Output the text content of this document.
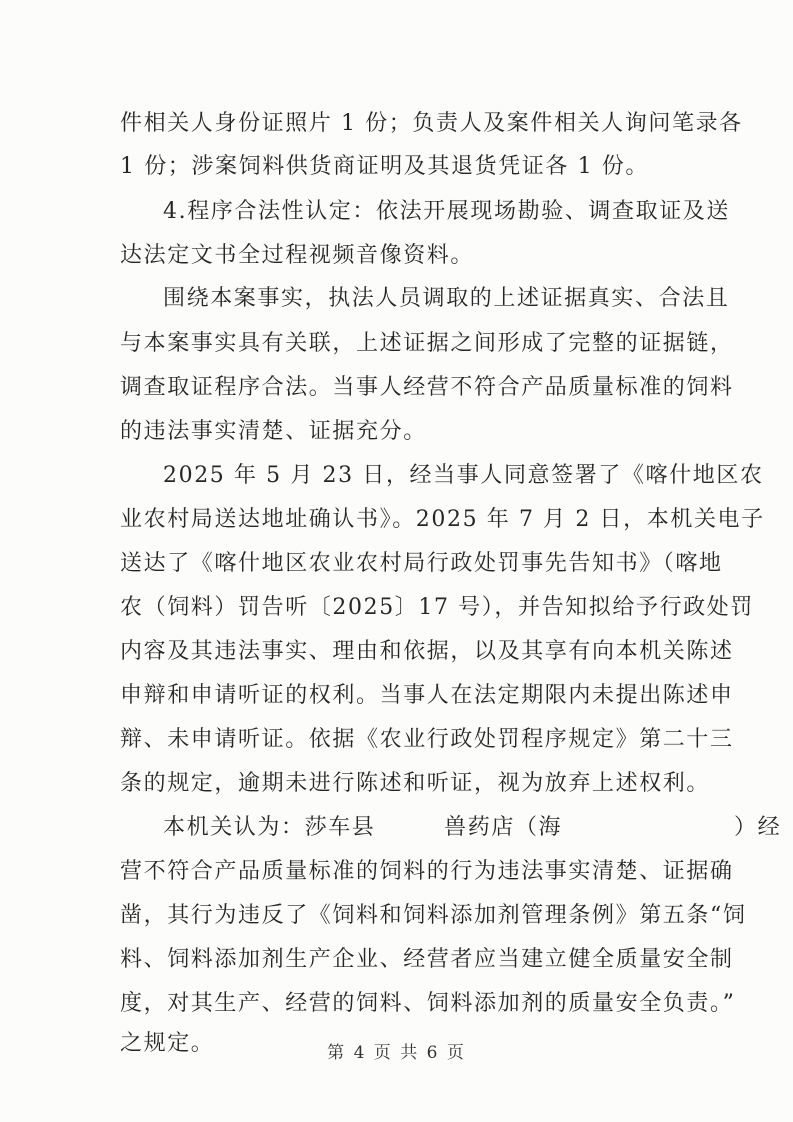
件相关人身份证照片 1 份；负责人及案件相关人询问笔录各
1 份；涉案饲料供货商证明及其退货凭证各 1 份。
4.程序合法性认定：依法开展现场勘验、调查取证及送
达法定文书全过程视频音像资料。
围绕本案事实，执法人员调取的上述证据真实、合法且
与本案事实具有关联，上述证据之间形成了完整的证据链，
调查取证程序合法。当事人经营不符合产品质量标准的饲料
的违法事实清楚、证据充分。
2025 年 5 月 23 日，经当事人同意签署了《喀什地区农
业农村局送达地址确认书》。2025 年 7 月 2 日，本机关电子
送达了《喀什地区农业农村局行政处罚事先告知书》（喀地
农（饲料）罚告听〔2025〕17 号），并告知拟给予行政处罚
内容及其违法事实、理由和依据，以及其享有向本机关陈述
申辩和申请听证的权利。当事人在法定期限内未提出陈述申
辩、未申请听证。依据《农业行政处罚程序规定》第二十三
条的规定，逾期未进行陈述和听证，视为放弃上述权利。
本机关认为：莎车县        兽药店（海                    ）经
营不符合产品质量标准的饲料的行为违法事实清楚、证据确
凿，其行为违反了《饲料和饲料添加剂管理条例》第五条“饲
料、饲料添加剂生产企业、经营者应当建立健全质量安全制
度，对其生产、经营的饲料、饲料添加剂的质量安全负责。”
之规定。	第 4 页 共 6 页
